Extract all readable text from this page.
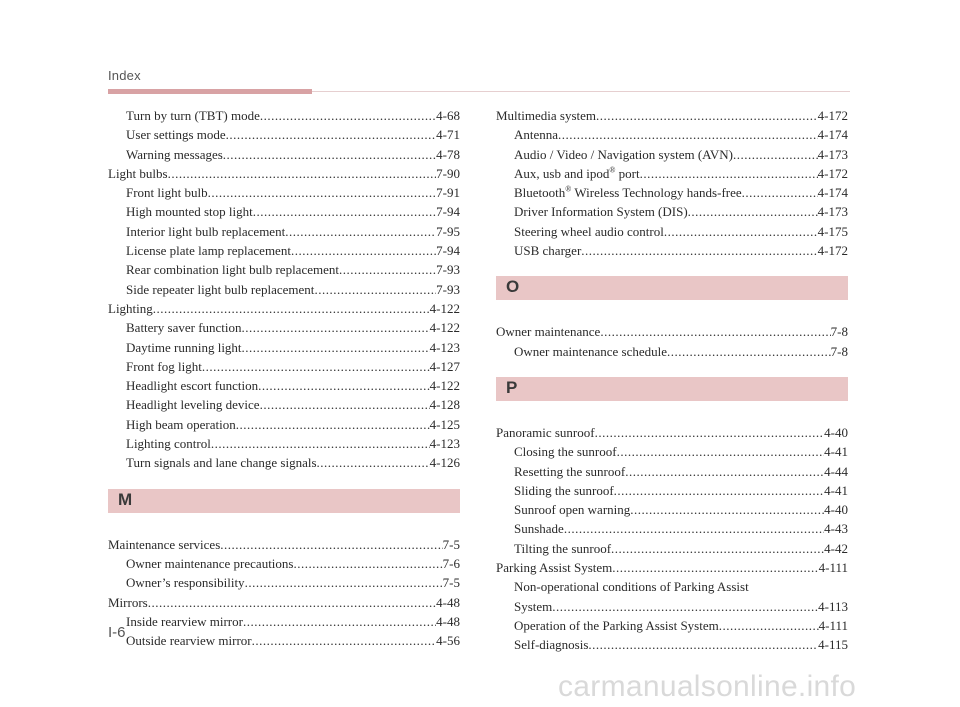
Index
Turn by turn (TBT) mode .....	4-68
User settings mode .....	4-71
Warning messages .....	4-78
Light bulbs .....	7-90
Front light bulb .....	7-91
High mounted stop light .....	7-94
Interior light bulb replacement .....	7-95
License plate lamp replacement .....	7-94
Rear combination light bulb replacement .....	7-93
Side repeater light bulb replacement .....	7-93
Lighting .....	4-122
Battery saver function .....	4-122
Daytime running light .....	4-123
Front fog light .....	4-127
Headlight escort function .....	4-122
Headlight leveling device .....	4-128
High beam operation .....	4-125
Lighting control .....	4-123
Turn signals and lane change signals .....	4-126
M
Maintenance services .....	7-5
Owner maintenance precautions .....	7-6
Owner’s responsibility .....	7-5
Mirrors .....	4-48
Inside rearview mirror .....	4-48
Outside rearview mirror .....	4-56
Multimedia system .....	4-172
Antenna .....	4-174
Audio / Video / Navigation system (AVN) .....	4-173
Aux, usb and ipod® port .....	4-172
Bluetooth® Wireless Technology hands-free .....	4-174
Driver Information System (DIS) .....	4-173
Steering wheel audio control .....	4-175
USB charger .....	4-172
O
Owner maintenance .....	7-8
Owner maintenance schedule .....	7-8
P
Panoramic sunroof .....	4-40
Closing the sunroof .....	4-41
Resetting the sunroof .....	4-44
Sliding the sunroof .....	4-41
Sunroof open warning .....	4-40
Sunshade .....	4-43
Tilting the sunroof .....	4-42
Parking Assist System .....	4-111
Non-operational conditions of Parking Assist
System .....	4-113
Operation of the Parking Assist System .....	4-111
Self-diagnosis .....	4-115
I-6
carmanualsonline.info
